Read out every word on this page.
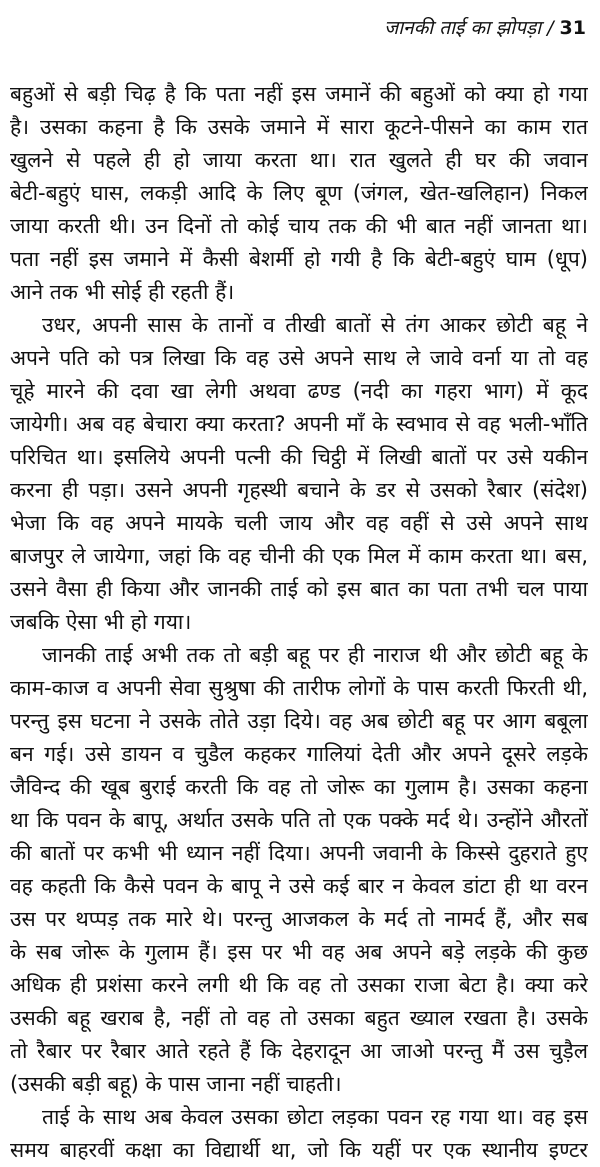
जानकी ताई का झोपड़ा / 31
बहुओं से बड़ी चिढ़ है कि पता नहीं इस जमानें की बहुओं को क्या हो गया
है। उसका कहना है कि उसके जमाने में सारा कूटने-पीसने का काम रात
खुलने से पहले ही हो जाया करता था। रात खुलते ही घर की जवान
बेटी-बहुएं घास, लकड़ी आदि के लिए बूण (जंगल, खेत-खलिहान) निकल
जाया करती थी। उन दिनों तो कोई चाय तक की भी बात नहीं जानता था।
पता नहीं इस जमाने में कैसी बेशर्मी हो गयी है कि बेटी-बहुएं घाम (धूप)
आने तक भी सोई ही रहती हैं।
उधर, अपनी सास के तानों व तीखी बातों से तंग आकर छोटी बहू ने
अपने पति को पत्र लिखा कि वह उसे अपने साथ ले जावे वर्ना या तो वह
चूहे मारने की दवा खा लेगी अथवा ढण्ड (नदी का गहरा भाग) में कूद
जायेगी। अब वह बेचारा क्या करता? अपनी माँ के स्वभाव से वह भली-भाँति
परिचित था। इसलिये अपनी पत्नी की चिट्ठी में लिखी बातों पर उसे यकीन
करना ही पड़ा। उसने अपनी गृहस्थी बचाने के डर से उसको रैबार (संदेश)
भेजा कि वह अपने मायके चली जाय और वह वहीं से उसे अपने साथ
बाजपुर ले जायेगा, जहां कि वह चीनी की एक मिल में काम करता था। बस,
उसने वैसा ही किया और जानकी ताई को इस बात का पता तभी चल पाया
जबकि ऐसा भी हो गया।
जानकी ताई अभी तक तो बड़ी बहू पर ही नाराज थी और छोटी बहू के
काम-काज व अपनी सेवा सुश्रुषा की तारीफ लोगों के पास करती फिरती थी,
परन्तु इस घटना ने उसके तोते उड़ा दिये। वह अब छोटी बहू पर आग बबूला
बन गई। उसे डायन व चुडैल कहकर गालियां देती और अपने दूसरे लड़के
जैविन्द की खूब बुराई करती कि वह तो जोरू का गुलाम है। उसका कहना
था कि पवन के बापू, अर्थात उसके पति तो एक पक्के मर्द थे। उन्होंने औरतों
की बातों पर कभी भी ध्यान नहीं दिया। अपनी जवानी के किस्से दुहराते हुए
वह कहती कि कैसे पवन के बापू ने उसे कई बार न केवल डांटा ही था वरन
उस पर थप्पड़ तक मारे थे। परन्तु आजकल के मर्द तो नामर्द हैं, और सब
के सब जोरू के गुलाम हैं। इस पर भी वह अब अपने बड़े लड़के की कुछ
अधिक ही प्रशंसा करने लगी थी कि वह तो उसका राजा बेटा है। क्या करे
उसकी बहू खराब है, नहीं तो वह तो उसका बहुत ख्याल रखता है। उसके
तो रैबार पर रैबार आते रहते हैं कि देहरादून आ जाओ परन्तु मैं उस चुड़ैल
(उसकी बड़ी बहू) के पास जाना नहीं चाहती।
ताई के साथ अब केवल उसका छोटा लड़का पवन रह गया था। वह इस
समय बाहरवीं कक्षा का विद्यार्थी था, जो कि यहीं पर एक स्थानीय इण्टर
